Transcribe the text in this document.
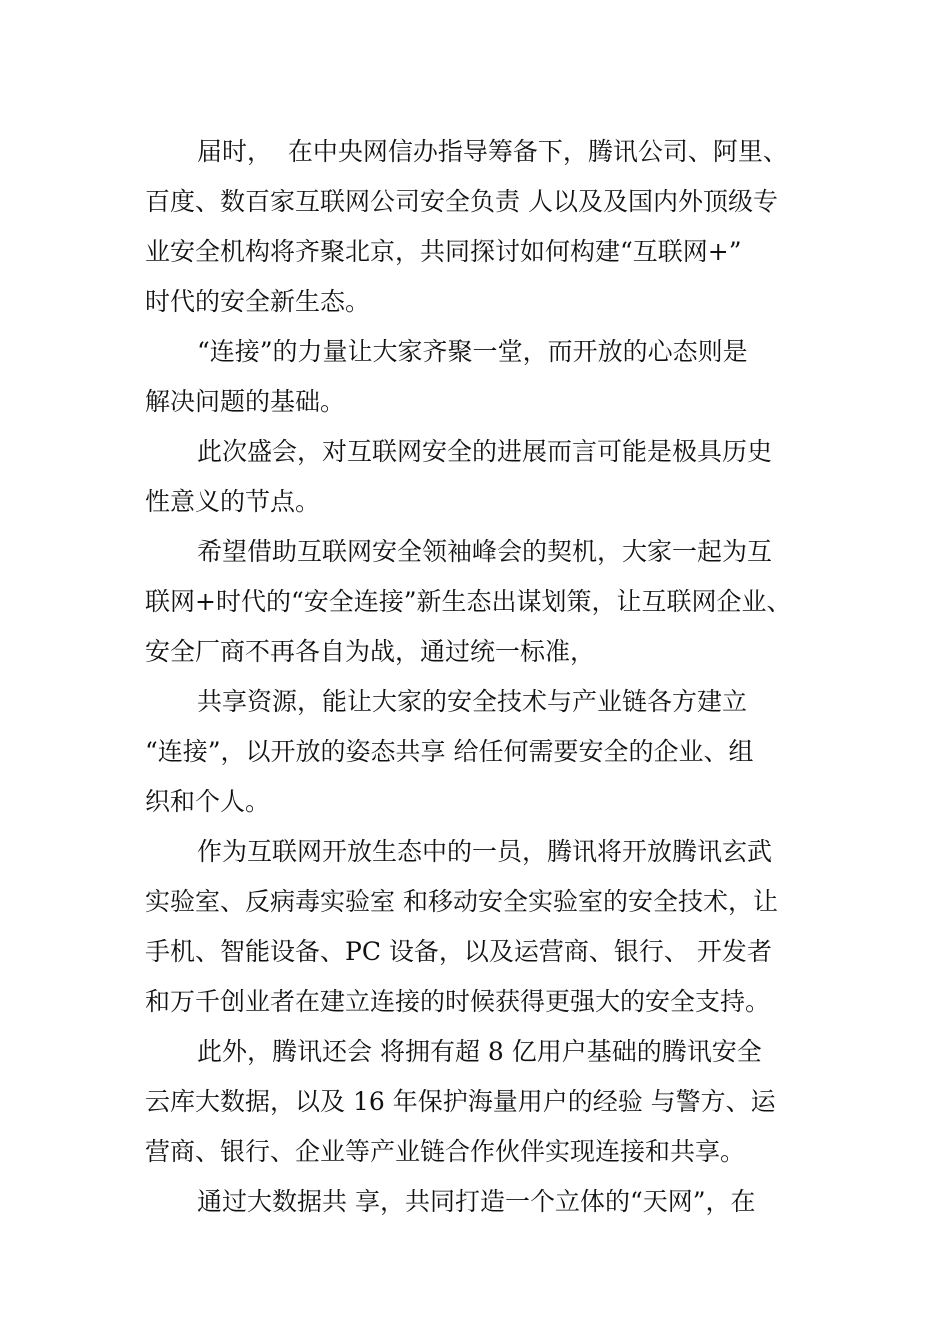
届时，  在中央网信办指导筹备下，腾讯公司、阿里、
百度、数百家互联网公司安全负责 人以及及国内外顶级专
业安全机构将齐聚北京，共同探讨如何构建“互联网+”
时代的安全新生态。
“连接”的力量让大家齐聚一堂，而开放的心态则是
解决问题的基础。
此次盛会，对互联网安全的进展而言可能是极具历史
性意义的节点。
希望借助互联网安全领袖峰会的契机，大家一起为互
联网+时代的“安全连接”新生态出谋划策，让互联网企业、
安全厂商不再各自为战，通过统一标准，
共享资源，能让大家的安全技术与产业链各方建立
“连接”，以开放的姿态共享 给任何需要安全的企业、组
织和个人。
作为互联网开放生态中的一员，腾讯将开放腾讯玄武
实验室、反病毒实验室 和移动安全实验室的安全技术，让
手机、智能设备、PC 设备，以及运营商、银行、 开发者
和万千创业者在建立连接的时候获得更强大的安全支持。
此外，腾讯还会 将拥有超 8 亿用户基础的腾讯安全
云库大数据，以及 16 年保护海量用户的经验 与警方、运
营商、银行、企业等产业链合作伙伴实现连接和共享。
通过大数据共 享，共同打造一个立体的“天网”，在
